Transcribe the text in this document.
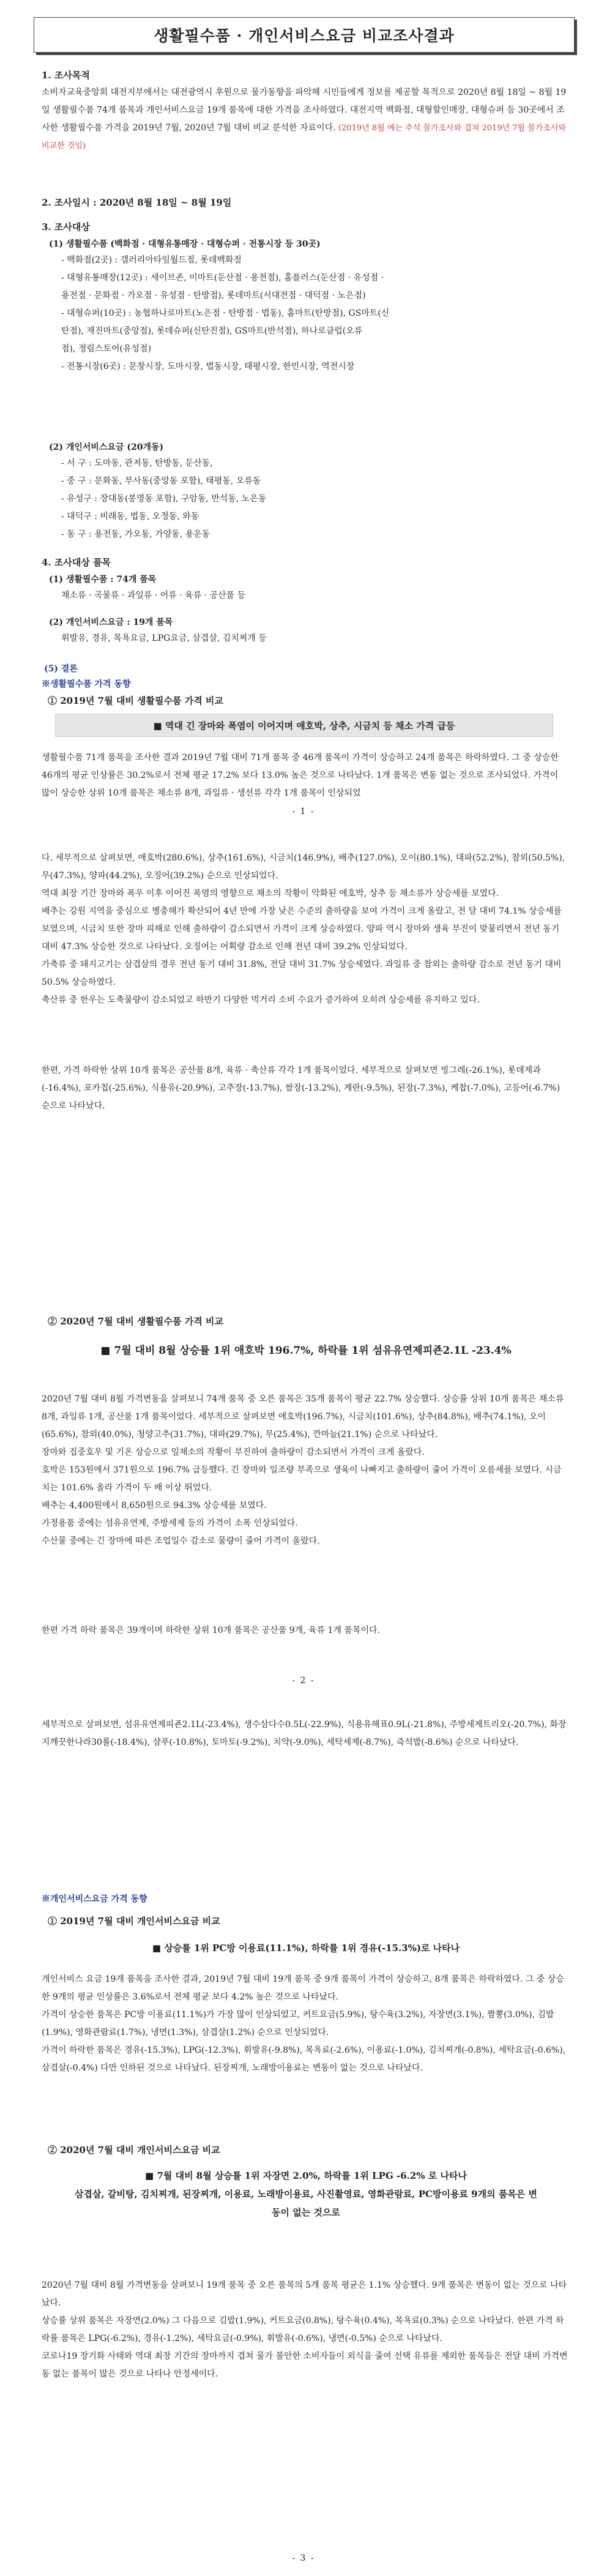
생활필수품 · 개인서비스요금 비교조사결과
1. 조사목적

소비자교육중앙회 대전지부에서는 대전광역시 후원으로 물가동향을 파악해 시민들에게 정보를 제공할 목적으로 2020년 8월 18일 ~ 8월 19일 생활필수품 74개 품목과 개인서비스요금 19개 품목에 대한 가격을 조사하였다. 대전지역 백화점, 대형할인매장, 대형슈퍼 등 30곳에서 조사한 생활필수품 가격을 2019년 7월, 2020년 7월 대비 비교 분석한 자료이다. (2019년 8월 예는 추석 물가조사와 겹쳐 2019년 7월 물가조사와 비교한 것임)

2. 조사일시 : 2020년 8월 18일 ~ 8월 19일
3. 조사대상
(1) 생활필수품 (백화점 · 대형유통매장 · 대형슈퍼 · 전통시장 등 30곳)
- 백화점(2곳) : 갤러리아타임월드점, 롯데백화점
- 대형유통매장(12곳) : 세이브존, 이마트(둔산점 · 용전점), 홈플러스(둔산점 · 유성점 ·
용전점 · 문화점 · 가오점 · 유성점 · 탄방점), 롯데마트(서대전점 · 대덕점 · 노은점)
- 대형슈퍼(10곳) : 농협하나로마트(노은점 · 탄방점 · 법동), 홈마트(탄방점), GS마트(신
탄점), 재진마트(중앙점), 롯데슈퍼(신탄진점), GS마트(반석점), 하나로클럽(오류
점), 정림스토어(유성점)
- 전통시장(6곳) : 문창시장, 도마시장, 법동시장, 태평시장, 한민시장, 역전시장
(2) 개인서비스요금 (20개동)
- 서 구 : 도마동, 관저동, 탄방동, 둔산동,
- 중 구 : 문화동, 부사동(중앙동 포함), 태평동, 오류동
- 유성구 : 장대동(봉명동 포함), 구암동, 반석동, 노은동
- 대덕구 : 비래동, 법동, 오정동, 와동
- 동 구 : 용전동, 가오동, 가양동, 용운동
4. 조사대상 품목
(1) 생활필수품 : 74개 품목
채소류 · 곡물류 · 과일류 · 어류 · 육류 · 공산품 등
(2) 개인서비스요금 : 19개 품목
휘발유, 경유, 목욕요금, LPG요금, 삼겹살, 김치찌개 등
(5) 결론
※생활필수품 가격 동향
① 2019년 7월 대비 생활필수품 가격 비교
■ 역대 긴 장마와 폭염이 이어지며 애호박, 상추, 시금치 등 채소 가격 급등

생활필수품 71개 품목을 조사한 결과 2019년 7월 대비 71개 품목 중 46개 품목이 가격이 상승하고 24개 품목은 하락하였다. 그 중 상승한 46개의 평균 인상률은 30.2%로서 전체 평균 17.2% 보다 13.0% 높은 것으로 나타났다. 1개 품목은 변동 없는 것으로 조사되었다. 가격이 많이 상승한 상위 10개 품목은 채소류 8개, 과일류 · 생선류 각각 1개 품목이 인상되었

- 1 -

다. 세부적으로 살펴보면, 애호박(280.6%), 상추(161.6%), 시금치(146.9%), 배추(127.0%), 오이(80.1%), 대파(52.2%), 참외(50.5%), 무(47.3%), 양파(44.2%), 오징어(39.2%) 순으로 인상되었다.
역대 최장 기간 장마와 폭우 이후 이어진 폭염의 영향으로 채소의 작황이 악화된 애호박, 상추 등 채소류가 상승세를 보였다.
배추는 강원 지역을 중심으로 병충해가 확산되어 4년 만에 가장 낮은 수준의 출하량을 보여 가격이 크게 올랐고, 전 달 대비 74.1% 상승세를 보였으며, 시금치 또한 장마 피해로 인해 출하량이 감소되면서 가격이 크게 상승하였다. 양파 역시 장마와 생육 부진이 맞물리면서 전년 동기 대비 47.3% 상승한 것으로 나타났다. 오징어는 어획량 감소로 인해 전년 대비 39.2% 인상되었다.
가축류 중 돼지고기는 삼겹살의 경우 전년 동기 대비 31.8%, 전달 대비 31.7% 상승세였다. 과일류 중 참외는 출하량 감소로 전년 동기 대비 50.5% 상승하였다.
축산류 중 한우는 도축물량이 감소되었고 하반기 다양한 먹거리 소비 수요가 증가하여 오히려 상승세를 유지하고 있다.

한편, 가격 하락한 상위 10개 품목은 공산품 8개, 육류 · 축산류 각각 1개 품목이었다. 세부적으로 살펴보면 빙그레(-26.1%), 롯데제과(-16.4%), 포카칩(-25.6%), 식용유(-20.9%), 고추장(-13.7%), 쌈장(-13.2%), 계란(-9.5%), 된장(-7.3%), 케찹(-7.0%), 고등어(-6.7%) 순으로 나타났다.

② 2020년 7월 대비 생활필수품 가격 비교
■ 7월 대비 8월 상승률 1위 애호박 196.7%, 하락률 1위 섬유유연제피죤2.1L -23.4%

2020년 7월 대비 8월 가격변동을 살펴보니 74개 품목 중 오른 품목은 35개 품목이 평균 22.7% 상승했다. 상승률 상위 10개 품목은 채소류 8개, 과일류 1개, 공산품 1개 품목이었다. 세부적으로 살펴보면 애호박(196.7%), 시금치(101.6%), 상추(84.8%), 배추(74.1%), 오이(65.6%), 참외(40.0%), 청양고추(31.7%), 대파(29.7%), 무(25.4%), 깐마늘(21.1%) 순으로 나타났다.
장마와 집중호우 및 기온 상승으로 잎채소의 작황이 부진하여 출하량이 감소되면서 가격이 크게 올랐다.
호박은 153원에서 371원으로 196.7% 급등했다. 긴 장마와 일조량 부족으로 생육이 나빠지고 출하량이 줄어 가격이 오름세를 보였다. 시금치는 101.6% 올라 가격이 두 배 이상 뛰었다.
배추는 4,400원에서 8,650원으로 94.3% 상승세를 보였다.
가정용품 중에는 섬유유연제, 주방세제 등의 가격이 소폭 인상되었다.
수산물 중에는 긴 장마에 따른 조업일수 감소로 물량이 줄어 가격이 올랐다.

한편 가격 하락 품목은 39개이며 하락한 상위 10개 품목은 공산품 9개, 육류 1개 품목이다.

- 2 -

세부적으로 살펴보면, 섬유유연제피죤2.1L(-23.4%), 생수삼다수0.5L(-22.9%), 식용유해표0.9L(-21.8%), 주방세제트리오(-20.7%), 화장지깨끗한나라30롤(-18.4%), 샴푸(-10.8%), 토마토(-9.2%), 치약(-9.0%), 세탁세제(-8.7%), 즉석밥(-8.6%) 순으로 나타났다.

※개인서비스요금 가격 동향
① 2019년 7월 대비 개인서비스요금 비교
■ 상승률 1위 PC방 이용료(11.1%), 하락률 1위 경유(-15.3%)로 나타나

개인서비스 요금 19개 품목을 조사한 결과, 2019년 7월 대비 19개 품목 중 9개 품목이 가격이 상승하고, 8개 품목은 하락하였다. 그 중 상승한 9개의 평균 인상률은 3.6%로서 전체 평균 보다 4.2% 높은 것으로 나타났다.
가격이 상승한 품목은 PC방 이용료(11.1%)가 가장 많이 인상되었고, 커트요금(5.9%), 탕수육(3.2%), 자장면(3.1%), 짬뽕(3.0%), 김밥(1.9%), 영화관람료(1.7%), 냉면(1.3%), 삼겹살(1.2%) 순으로 인상되었다.
가격이 하락한 품목은 경유(-15.3%), LPG(-12.3%), 휘발유(-9.8%), 목욕료(-2.6%), 이용료(-1.0%), 김치찌개(-0.8%), 세탁요금(-0.6%), 삼겹살(-0.4%) 다만 인하된 것으로 나타났다. 된장찌개, 노래방이용료는 변동이 없는 것으로 나타났다.

② 2020년 7월 대비 개인서비스요금 비교
■ 7월 대비 8월 상승률 1위 자장면 2.0%, 하락률 1위 LPG -6.2% 로 나타나
삼겹살, 갈비탕, 김치찌개, 된장찌개, 이용료, 노래방이용료, 사진촬영료, 영화관람료, PC방이용료 9개의 품목은 변동이 없는 것으로

2020년 7월 대비 8월 가격변동을 살펴보니 19개 품목 중 오른 품목의 5개 품목 평균은 1.1% 상승했다. 9개 품목은 변동이 없는 것으로 나타났다.
상승률 상위 품목은 자장면(2.0%) 그 다음으로 김밥(1.9%), 커트요금(0.8%), 탕수육(0.4%), 목욕료(0.3%) 순으로 나타났다. 한편 가격 하락률 품목은 LPG(-6.2%), 경유(-1.2%), 세탁요금(-0.9%), 휘발유(-0.6%), 냉면(-0.5%) 순으로 나타났다.
코로나19 장기화 사태와 역대 최장 기간의 장마까지 겹쳐 물가 불안한 소비자들이 외식을 줄여 선택 유류를 제외한 품목들은 전달 대비 가격변동 없는 품목이 많은 것으로 나타나 안정세이다.

- 3 -
